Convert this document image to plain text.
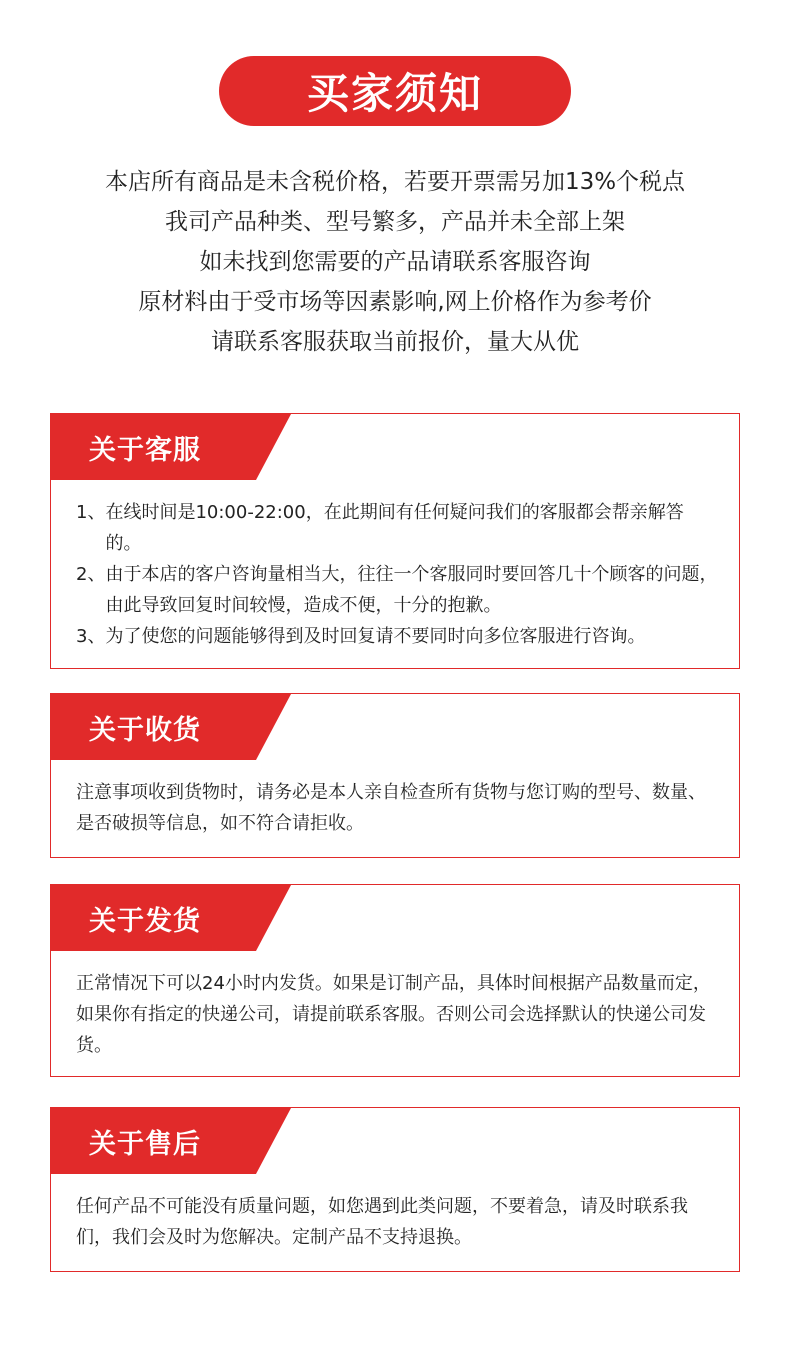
买家须知
本店所有商品是未含税价格，若要开票需另加13%个税点
我司产品种类、型号繁多，产品并未全部上架
如未找到您需要的产品请联系客服咨询
原材料由于受市场等因素影响,网上价格作为参考价
请联系客服获取当前报价，量大从优
关于客服
1、 在线时间是10:00-22:00，在此期间有任何疑问我们的客服都会帮亲解答的。
2、 由于本店的客户咨询量相当大，往往一个客服同时要回答几十个顾客的问题，由此导致回复时间较慢，造成不便，十分的抱歉。
3、 为了使您的问题能够得到及时回复请不要同时向多位客服进行咨询。
关于收货
注意事项收到货物时，请务必是本人亲自检查所有货物与您订购的型号、数量、是否破损等信息，如不符合请拒收。
关于发货
正常情况下可以24小时内发货。如果是订制产品，具体时间根据产品数量而定，如果你有指定的快递公司，请提前联系客服。否则公司会选择默认的快递公司发货。
关于售后
任何产品不可能没有质量问题，如您遇到此类问题，不要着急，请及时联系我们，我们会及时为您解决。定制产品不支持退换。
